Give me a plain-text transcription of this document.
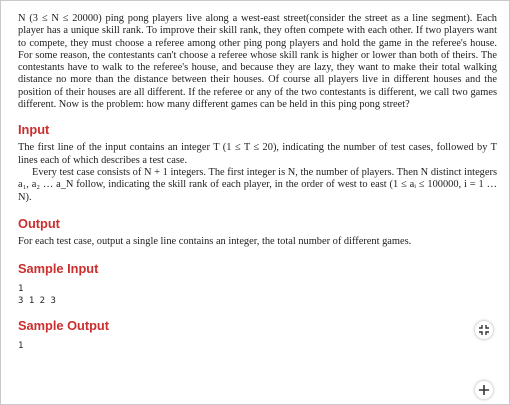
N (3 ≤ N ≤ 20000) ping pong players live along a west-east street(consider the street as a line segment). Each player has a unique skill rank. To improve their skill rank, they often compete with each other. If two players want to compete, they must choose a referee among other ping pong players and hold the game in the referee's house. For some reason, the contestants can't choose a referee whose skill rank is higher or lower than both of theirs. The contestants have to walk to the referee's house, and because they are lazy, they want to make their total walking distance no more than the distance between their houses. Of course all players live in different houses and the position of their houses are all different. If the referee or any of the two contestants is different, we call two games different. Now is the problem: how many different games can be held in this ping pong street?

Input

The first line of the input contains an integer T (1 ≤ T ≤ 20), indicating the number of test cases, followed by T lines each of which describes a test case.

Every test case consists of N + 1 integers. The first integer is N, the number of players. Then N distinct integers a₁, a₂ … a_N follow, indicating the skill rank of each player, in the order of west to east (1 ≤ aᵢ ≤ 100000, i = 1 … N).

Output

For each test case, output a single line contains an integer, the total number of different games.

Sample Input
1
3 1 2 3
Sample Output
1
